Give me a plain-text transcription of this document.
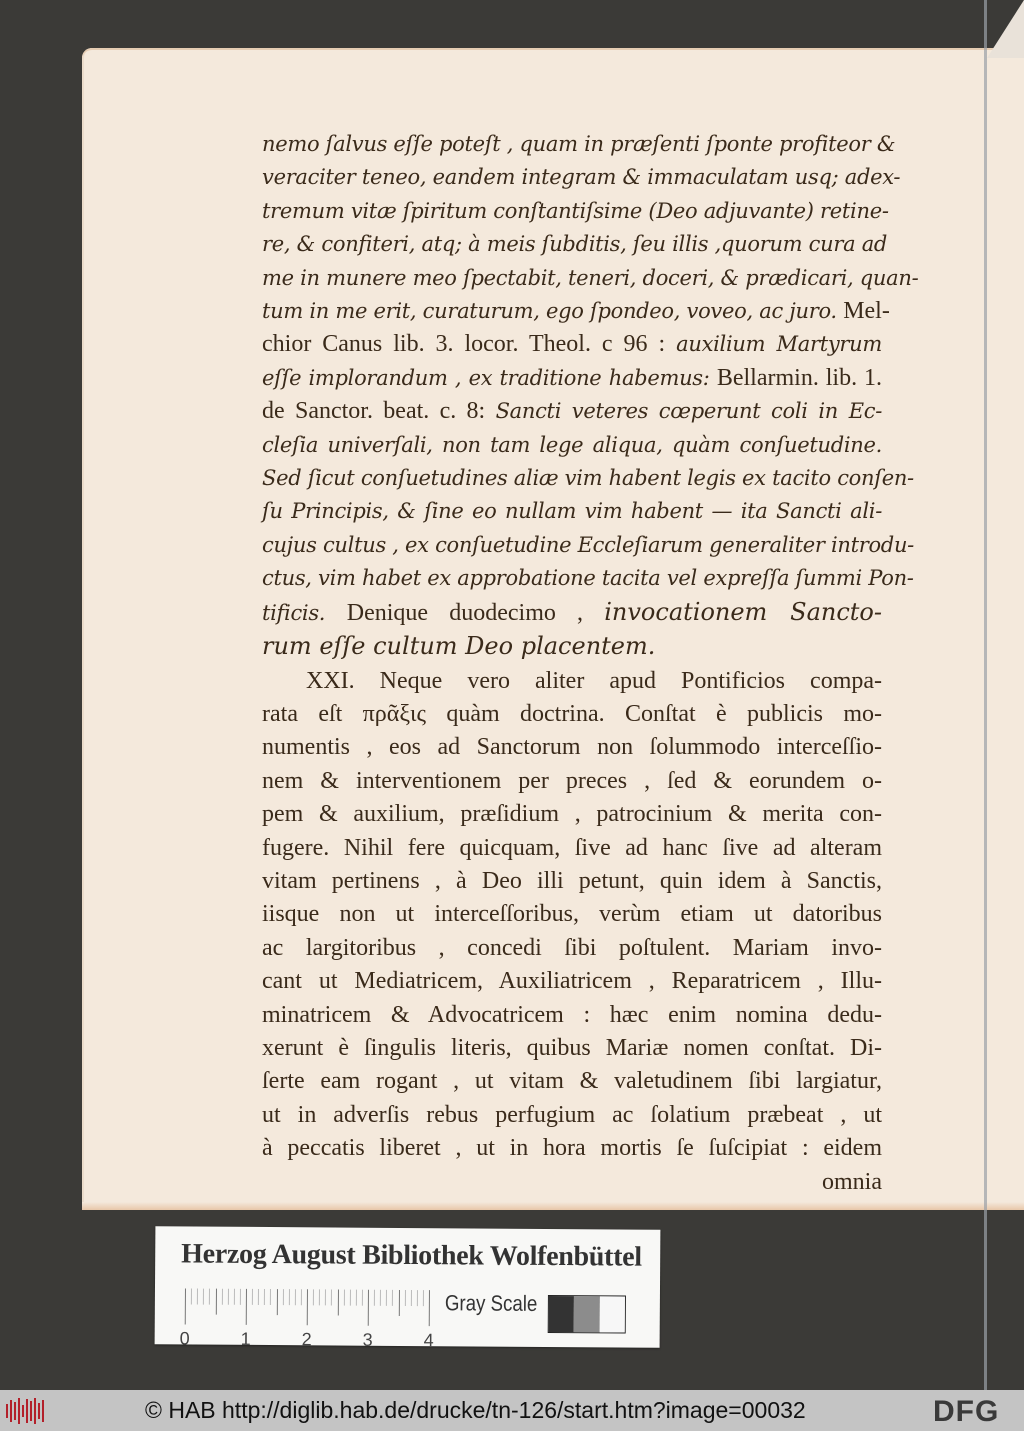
nemo ſalvus eſſe poteſt , quam in præſenti ſponte profiteor &
veraciter teneo, eandem integram & immaculatam usq; adex-
tremum vitæ ſpiritum conſtantiſsime (Deo adjuvante) retine-
re, & confiteri, atq; à meis ſubditis, ſeu illis ,quorum cura ad
me in munere meo ſpectabit, teneri, doceri, & prædicari, quan-
tum in me erit, curaturum, ego ſpondeo, voveo, ac juro. Mel-
chior Canus lib. 3. locor. Theol. c 96 : auxilium Martyrum
eſſe implorandum , ex traditione habemus: Bellarmin. lib. 1.
de Sanctor. beat. c. 8: Sancti veteres cœperunt coli in Ec-
cleſia univerſali, non tam lege aliqua, quàm conſuetudine.
Sed ſicut conſuetudines aliæ vim habent legis ex tacito conſen-
ſu Principis, & ſine eo nullam vim habent — ita Sancti ali-
cujus cultus , ex conſuetudine Eccleſiarum generaliter introdu-
ctus, vim habet ex approbatione tacita vel expreſſa ſummi Pon-
tificis. Denique duodecimo , invocationem Sancto-
rum eſſe cultum Deo placentem.
XXI. Neque vero aliter apud Pontificios compa-
rata eſt πρᾶξις quàm doctrina. Conſtat è publicis mo-
numentis , eos ad Sanctorum non ſolummodo interceſſio-
nem & interventionem per preces , ſed & eorundem o-
pem & auxilium, præſidium , patrocinium & merita con-
fugere. Nihil fere quicquam, ſive ad hanc ſive ad alteram
vitam pertinens , à Deo illi petunt, quin idem à Sanctis,
iisque non ut interceſſoribus, verùm etiam ut datoribus
ac largitoribus , concedi ſibi poſtulent. Mariam invo-
cant ut Mediatricem, Auxiliatricem , Reparatricem , Illu-
minatricem & Advocatricem : hæc enim nomina dedu-
xerunt è ſingulis literis, quibus Mariæ nomen conſtat. Di-
ſerte eam rogant , ut vitam & valetudinem ſibi largiatur,
ut in adverſis rebus perfugium ac ſolatium præbeat , ut
à peccatis liberet , ut in hora mortis ſe ſuſcipiat : eidem
omnia
Herzog August Bibliothek Wolfenbüttel
0	1	2	3	4
Gray Scale
© HAB http://diglib.hab.de/drucke/tn-126/start.htm?image=00032	DFG
